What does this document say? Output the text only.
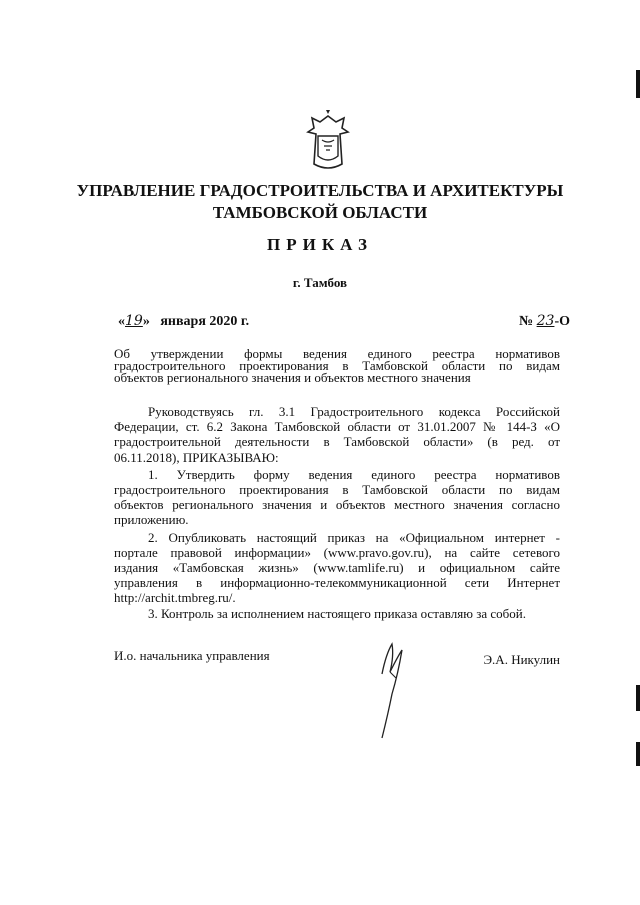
УПРАВЛЕНИЕ ГРАДОСТРОИТЕЛЬСТВА И АРХИТЕКТУРЫ
ТАМБОВСКОЙ ОБЛАСТИ
ПРИКАЗ
г. Тамбов
«19» января 2020 г.	№ 23-О
Об утверждении формы ведения единого реестра нормативов
градостроительного проектирования в Тамбовской области по видам
объектов регионального значения и объектов местного значения

Руководствуясь гл. 3.1 Градостроительного кодекса Российской
Федерации, ст. 6.2 Закона Тамбовской области от 31.01.2007 № 144-З «О
градостроительной деятельности в Тамбовской области» (в ред. от
06.11.2018), ПРИКАЗЫВАЮ:

1. Утвердить форму ведения единого реестра нормативов
градостроительного проектирования в Тамбовской области по видам
объектов регионального значения и объектов местного значения согласно
приложению.

2. Опубликовать настоящий приказ на «Официальном интернет -
портале правовой информации» (www.pravo.gov.ru), на сайте сетевого
издания «Тамбовская жизнь» (www.tamlife.ru) и официальном сайте
управления в информационно-телекоммуникационной сети Интернет
http://archit.tmbreg.ru/.

3. Контроль за исполнением настоящего приказа оставляю за собой.

И.о. начальника управления	Э.А. Никулин
